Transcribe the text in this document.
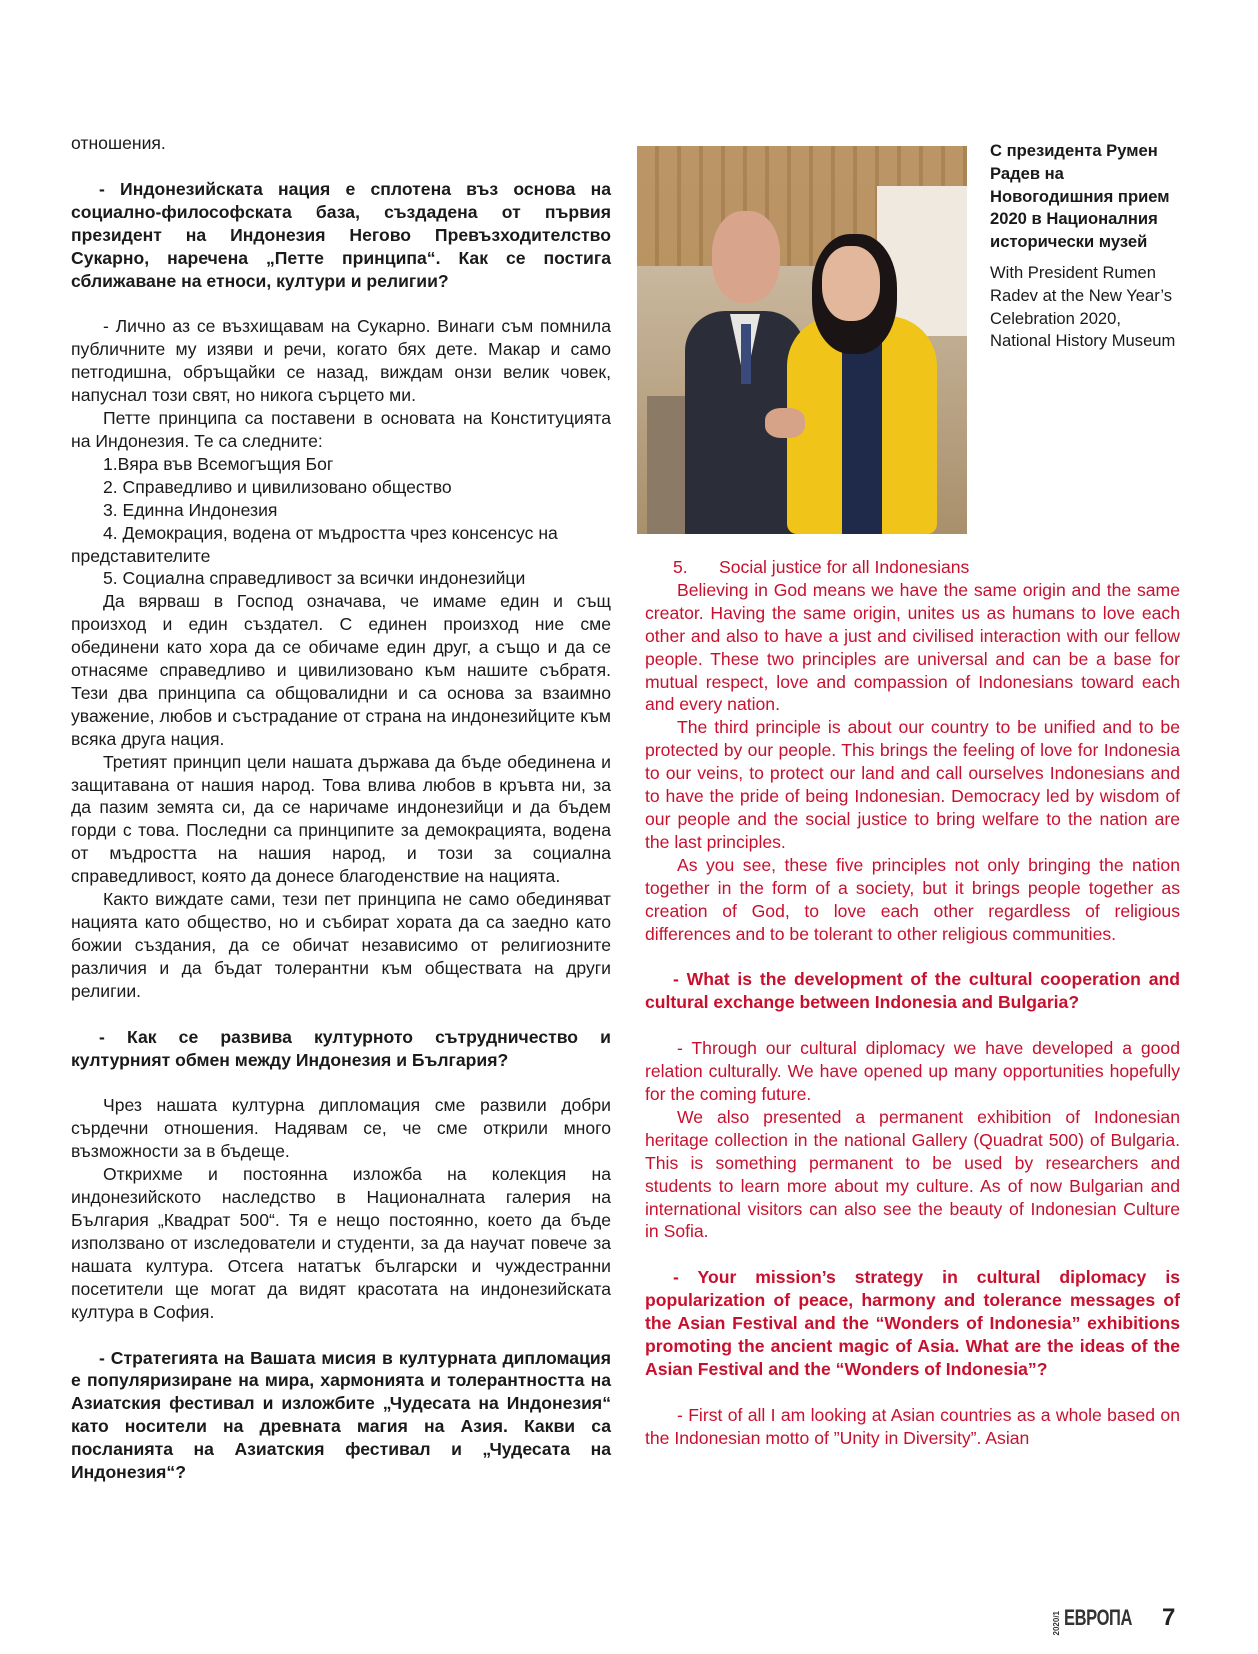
отношения.

- Индонезийската нация е сплотена въз основа на социално-философската база, създадена от първия президент на Индонезия Негово Превъзходителство Сукарно, наречена „Петте принципа“. Как се постига сближаване на етноси, култури и религии?

- Лично аз се възхищавам на Сукарно. Винаги съм помнила публичните му изяви и речи, когато бях дете. Макар и само петгодишна, обръщайки се назад, виждам онзи велик човек, напуснал този свят, но никога сърцето ми.

Петте принципа са поставени в основата на Конституцията на Индонезия. Те са следните:

1.Вяра във Всемогъщия Бог

2. Справедливо и цивилизовано общество

3. Единна Индонезия

4. Демокрация, водена от мъдростта чрез консенсус на представителите

5. Социална справедливост за всички индонезийци

Да вярваш в Господ означава, че имаме един и същ произход и един създател. С единен произход ние сме обединени като хора да се обичаме един друг, а също и да се отнасяме справедливо и цивилизовано към нашите събратя. Тези два принципа са общовалидни и са основа за взаимно уважение, любов и състрадание от страна на индонезийците към всяка друга нация.

Третият принцип цели нашата държава да бъде обединена и защитавана от нашия народ. Това влива любов в кръвта ни, за да пазим земята си, да се наричаме индонезийци и да бъдем горди с това. Последни са принципите за демокрацията, водена от мъдростта на нашия народ, и този за социална справедливост, която да донесе благоденствие на нацията.

Както виждате сами, тези пет принципа не само обединяват нацията като общество, но и събират хората да са заедно като божии създания, да се обичат независимо от религиозните различия и да бъдат толерантни към обществата на други религии.

- Как се развива културното сътрудничество и културният обмен между Индонезия и България?

Чрез нашата културна дипломация сме развили добри сърдечни отношения. Надявам се, че сме открили много възможности за в бъдеще.

Открихме и постоянна изложба на колекция на индонезийското наследство в Националната галерия на България „Квадрат 500“. Тя е нещо постоянно, което да бъде използвано от изследователи и студенти, за да научат повече за нашата култура. Отсега нататък български и чуждестранни посетители ще могат да видят красотата на индонезийската култура в София.

- Стратегията на Вашата мисия в културната дипломация е популяризиране на мира, хармонията и толерантността на Азиатския фестивал и изложбите „Чудесата на Индонезия“ като носители на древната магия на Азия. Какви са посланията на Азиатския фестивал и „Чудесата на Индонезия“?

С президента Румен Радев на Новогодишния прием 2020 в Националния исторически музей
With President Rumen Radev at the New Year’s Celebration 2020, National History Museum

5. Social justice for all Indonesians

Believing in God means we have the same origin and the same creator. Having the same origin, unites us as humans to love each other and also to have a just and civilised interaction with our fellow people. These two principles are universal and can be a base for mutual respect, love and compassion of Indonesians toward each and every nation.

The third principle is about our country to be unified and to be protected by our people. This brings the feeling of love for Indonesia to our veins, to protect our land and call ourselves Indonesians and to have the pride of being Indonesian. Democracy led by wisdom of our people and the social justice to bring welfare to the nation are the last principles.

As you see, these five principles not only bringing the nation together in the form of a society, but it brings people together as creation of God, to love each other regardless of religious differences and to be tolerant to other religious communities.

- What is the development of the cultural cooperation and cultural exchange between Indonesia and Bulgaria?

- Through our cultural diplomacy we have developed a good relation culturally. We have opened up many opportunities hopefully for the coming future.

We also presented a permanent exhibition of Indonesian heritage collection in the national Gallery (Quadrat 500) of Bulgaria. This is something permanent to be used by researchers and students to learn more about my culture. As of now Bulgarian and international visitors can also see the beauty of Indonesian Culture in Sofia.

- Your mission’s strategy in cultural diplomacy is popularization of peace, harmony and tolerance messages of the Asian Festival and the “Wonders of Indonesia” exhibitions promoting the ancient magic of Asia. What are the ideas of the Asian Festival and the “Wonders of Indonesia”?

- First of all I am looking at Asian countries as a whole based on the Indonesian motto of ”Unity in Diversity”. Asian

2020/1 ЕВРОПА 7
